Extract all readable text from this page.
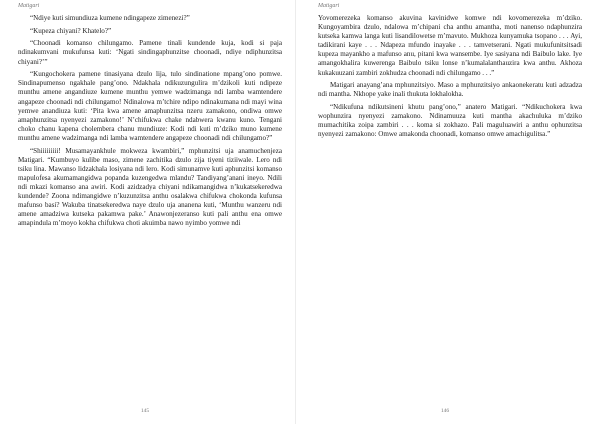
Matigari

“Ndiye kuti simundiuza kumene ndingapeze zimenezi?”

“Kupeza chiyani? Khatelo?”

“Choonadi komanso chilungamo. Pamene tinali kundende kuja, kodi si paja ndinakumvani mukufunsa kuti: ‘Ngati sindingaphunzitse choonadi, ndiye ndiphunzitsa chiyani?’”

“Kungochokera pamene tinasiyana dzulo lija, tulo sindinatione mpang’ono pomwe. Sindinapumenso ngakhale pang’ono. Ndakhala ndikuzungulira m’dzikoli kuti ndipeze munthu amene angandiuze kumene munthu yemwe wadzimanga ndi lamba wamtendere angapeze choonadi ndi chilungamo! Ndinalowa m’tchire ndipo ndinakumana ndi mayi wina yemwe anandiuza kuti: ‘Pita kwa amene amaphunzitsa nzeru zamakono, ondiwa omwe amaphunzitsa nyenyezi zamakono!’ N’chifukwa chake ndabwera kwanu kuno. Tengani choko chanu kapena cholembera chanu mundiuze: Kodi ndi kuti m’dziko muno kumene munthu amene wadzimanga ndi lamba wamtendere angapeze choonadi ndi chilungamo?”

“Shiiiiiiiii! Musamayankhule mokweza kwambiri,” mphunzitsi uja anamuchenjeza Matigari. “Kumbuyo kulibe maso, zimene zachitika dzulo zija tiyeni tiziiwale. Lero ndi tsiku lina. Mawanso lidzakhala losiyana ndi lero. Kodi simunamve kuti aphunzitsi komanso mapulofesa akumamangidwa popanda kuzengedwa mlandu? Tandiyang’anani ineyo. Ndili ndi mkazi komanso ana awiri. Kodi azidzadya chiyani ndikamangidwa n’kukatsekeredwa kundende? Zoona ndimangidwe n’kuzunzitsa anthu osalakwa chifukwa chokonda kufunsa mafunso basi? Wakuba tinatsekeredwa naye dzulo uja ananena kuti, ‘Munthu wanzeru ndi amene amadziwa kutseka pakamwa pake.’ Anawonjezeranso kuti pali anthu ena omwe amapindula m’moyo kokha chifukwa choti akuimba nawo nyimbo yomwe ndi

145
Matigari

Yovomerezeka komanso akuvina kavinidwe komwe ndi kovomerezeka m’dziko. Kungoyambira dzulo, ndalowa m’chipani cha anthu amantha, moti nanenso ndaphunzira kutseka kamwa langa kuti lisandilowetse m’mavuto. Mukhoza kunyamuka tsopano . . . Ayi, tadikirani kaye . . . Ndapeza mfundo inayake . . . tamvetserani. Ngati mukufunitsitsadi kupeza mayankho a mafunso anu, pitani kwa wansembe. Iye sasiyana ndi Baibulo lake. Iye amangokhalira kuwerenga Baibulo tsiku lonse n’kumalalanthauzira kwa anthu. Akhoza kukakuuzani zambiri zokhudza choonadi ndi chilungamo . . .”

Matigari anayang’ana mphunzitsiyo. Maso a mphunzitsiyo ankaonekeratu kuti adzadza ndi mantha. Nkhope yake inali thukuta lokhalokha.

“Ndikufuna ndikutsineni khutu pang’ono,” anatero Matigari. “Ndikuchokera kwa wophunzira nyenyezi zamakono. Ndinamuuza kuti mantha akachuluka m’dziko mumachitika zoipa zambiri . . . koma si zokhazo. Pali maguluawiri a anthu ophunzitsa nyenyezi zamakono: Omwe amakonda choonadi, komanso omwe amachigulitsa.”

146
